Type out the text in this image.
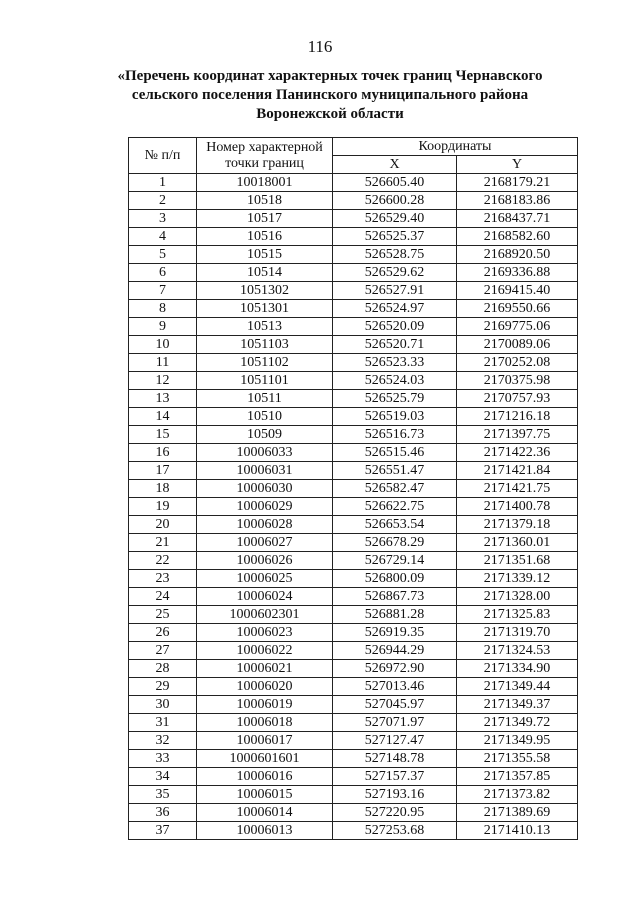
116
«Перечень координат характерных точек границ Чернавского сельского поселения Панинского муниципального района Воронежской области
№ п/п	Номер характерной точки границ	Координаты	
		X	Y
1	10018001	526605.40	2168179.21
2	10518	526600.28	2168183.86
3	10517	526529.40	2168437.71
4	10516	526525.37	2168582.60
5	10515	526528.75	2168920.50
6	10514	526529.62	2169336.88
7	1051302	526527.91	2169415.40
8	1051301	526524.97	2169550.66
9	10513	526520.09	2169775.06
10	1051103	526520.71	2170089.06
11	1051102	526523.33	2170252.08
12	1051101	526524.03	2170375.98
13	10511	526525.79	2170757.93
14	10510	526519.03	2171216.18
15	10509	526516.73	2171397.75
16	10006033	526515.46	2171422.36
17	10006031	526551.47	2171421.84
18	10006030	526582.47	2171421.75
19	10006029	526622.75	2171400.78
20	10006028	526653.54	2171379.18
21	10006027	526678.29	2171360.01
22	10006026	526729.14	2171351.68
23	10006025	526800.09	2171339.12
24	10006024	526867.73	2171328.00
25	1000602301	526881.28	2171325.83
26	10006023	526919.35	2171319.70
27	10006022	526944.29	2171324.53
28	10006021	526972.90	2171334.90
29	10006020	527013.46	2171349.44
30	10006019	527045.97	2171349.37
31	10006018	527071.97	2171349.72
32	10006017	527127.47	2171349.95
33	1000601601	527148.78	2171355.58
34	10006016	527157.37	2171357.85
35	10006015	527193.16	2171373.82
36	10006014	527220.95	2171389.69
37	10006013	527253.68	2171410.13
